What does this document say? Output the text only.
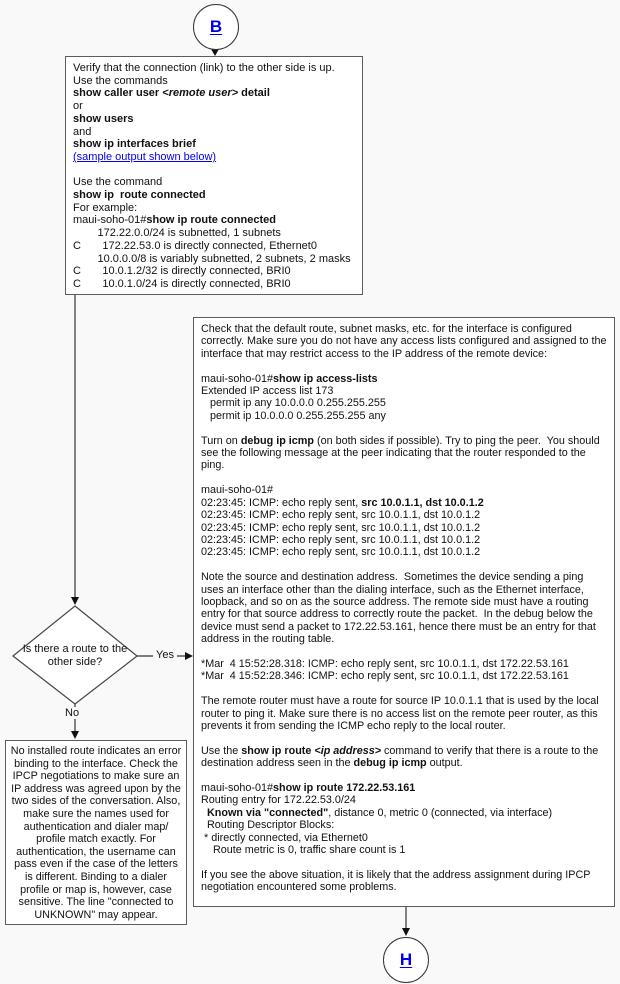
B
Verify that the connection (link) to the other side is up.
Use the commands
show caller user <remote user> detail
or
show users
and
show ip interfaces brief
(sample output shown below)

Use the command
show ip  route connected
For example:
maui-soho-01#show ip route connected
172.22.0.0/24 is subnetted, 1 subnets
C       172.22.53.0 is directly connected, Ethernet0
10.0.0.0/8 is variably subnetted, 2 subnets, 2 masks
C       10.0.1.2/32 is directly connected, BRI0
C       10.0.1.0/24 is directly connected, BRI0
Is there a route to the other side?
Yes
No
Check that the default route, subnet masks, etc. for the interface is configured correctly. Make sure you do not have any access lists configured and assigned to the interface that may restrict access to the IP address of the remote device:

maui-soho-01#show ip access-lists
Extended IP access list 173
permit ip any 10.0.0.0 0.255.255.255
permit ip 10.0.0.0 0.255.255.255 any

Turn on debug ip icmp (on both sides if possible). Try to ping the peer.  You should see the following message at the peer indicating that the router responded to the ping.

maui-soho-01#
02:23:45: ICMP: echo reply sent, src 10.0.1.1, dst 10.0.1.2
02:23:45: ICMP: echo reply sent, src 10.0.1.1, dst 10.0.1.2
02:23:45: ICMP: echo reply sent, src 10.0.1.1, dst 10.0.1.2
02:23:45: ICMP: echo reply sent, src 10.0.1.1, dst 10.0.1.2
02:23:45: ICMP: echo reply sent, src 10.0.1.1, dst 10.0.1.2

Note the source and destination address.  Sometimes the device sending a ping uses an interface other than the dialing interface, such as the Ethernet interface, loopback, and so on as the source address. The remote side must have a routing entry for that source address to correctly route the packet.  In the debug below the device must send a packet to 172.22.53.161, hence there must be an entry for that address in the routing table.

*Mar  4 15:52:28.318: ICMP: echo reply sent, src 10.0.1.1, dst 172.22.53.161
*Mar  4 15:52:28.346: ICMP: echo reply sent, src 10.0.1.1, dst 172.22.53.161

The remote router must have a route for source IP 10.0.1.1 that is used by the local router to ping it. Make sure there is no access list on the remote peer router, as this prevents it from sending the ICMP echo reply to the local router.

Use the show ip route <ip address> command to verify that there is a route to the destination address seen in the debug ip icmp output.

maui-soho-01#show ip route 172.22.53.161
Routing entry for 172.22.53.0/24
Known via "connected", distance 0, metric 0 (connected, via interface)
Routing Descriptor Blocks:
* directly connected, via Ethernet0
Route metric is 0, traffic share count is 1

If you see the above situation, it is likely that the address assignment during IPCP negotiation encountered some problems.
No installed route indicates an error binding to the interface. Check the IPCP negotiations to make sure an IP address was agreed upon by the two sides of the conversation. Also, make sure the names used for authentication and dialer map/ profile match exactly. For authentication, the username can pass even if the case of the letters is different. Binding to a dialer profile or map is, however, case sensitive. The line "connected to UNKNOWN" may appear.
H
